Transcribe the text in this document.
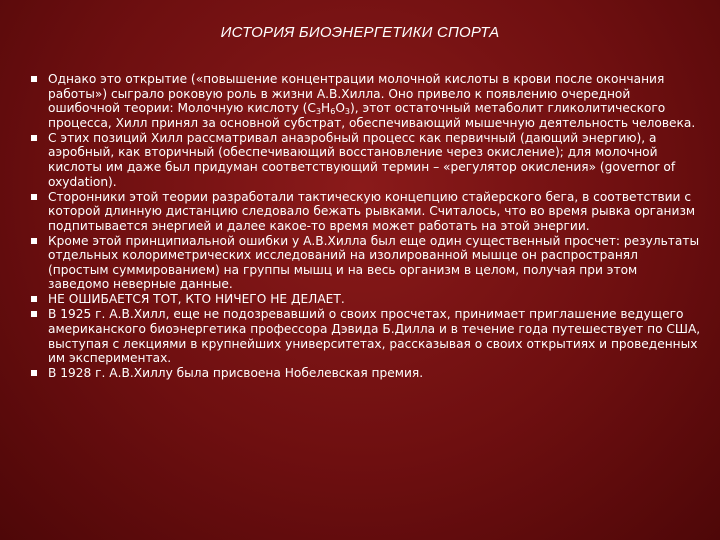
ИСТОРИЯ БИОЭНЕРГЕТИКИ СПОРТА
Однако это открытие («повышение концентрации молочной кислоты в крови после окончания работы») сыграло роковую роль в жизни А.В.Хилла. Оно привело к появлению очередной ошибочной теории: Молочную кислоту $(С_3Н_6О_3)$, этот остаточный метаболит гликолитического процесса, Хилл принял за основной субстрат, обеспечивающий мышечную деятельность человека.
С этих позиций Хилл рассматривал анаэробный процесс как первичный (дающий энергию), а аэробный, как вторичный (обеспечивающий восстановление через окисление); для молочной кислоты им даже был придуман соответствующий термин – «регулятор окисления» (governor of oxydation).
Сторонники этой теории разработали тактическую концепцию стайерского бега, в соответствии с которой длинную дистанцию следовало бежать рывками. Считалось, что во время рывка организм подпитывается энергией и далее какое-то время может работать на этой энергии.
Кроме этой принципиальной ошибки у А.В.Хилла был еще один существенный просчет: результаты отдельных колориметрических исследований на изолированной мышце он распространял (простым суммированием) на группы мышц и на весь организм в целом, получая при этом заведомо неверные данные.
НЕ ОШИБАЕТСЯ ТОТ, КТО НИЧЕГО НЕ ДЕЛАЕТ.
В 1925 г. А.В.Хилл, еще не подозревавший о своих просчетах, принимает приглашение ведущего американского биоэнергетика профессора Дэвида Б.Дилла и в течение года путешествует по США, выступая с лекциями в крупнейших университетах, рассказывая о своих открытиях и проведенных им экспериментах.
В 1928 г. А.В.Хиллу была присвоена Нобелевская премия.
